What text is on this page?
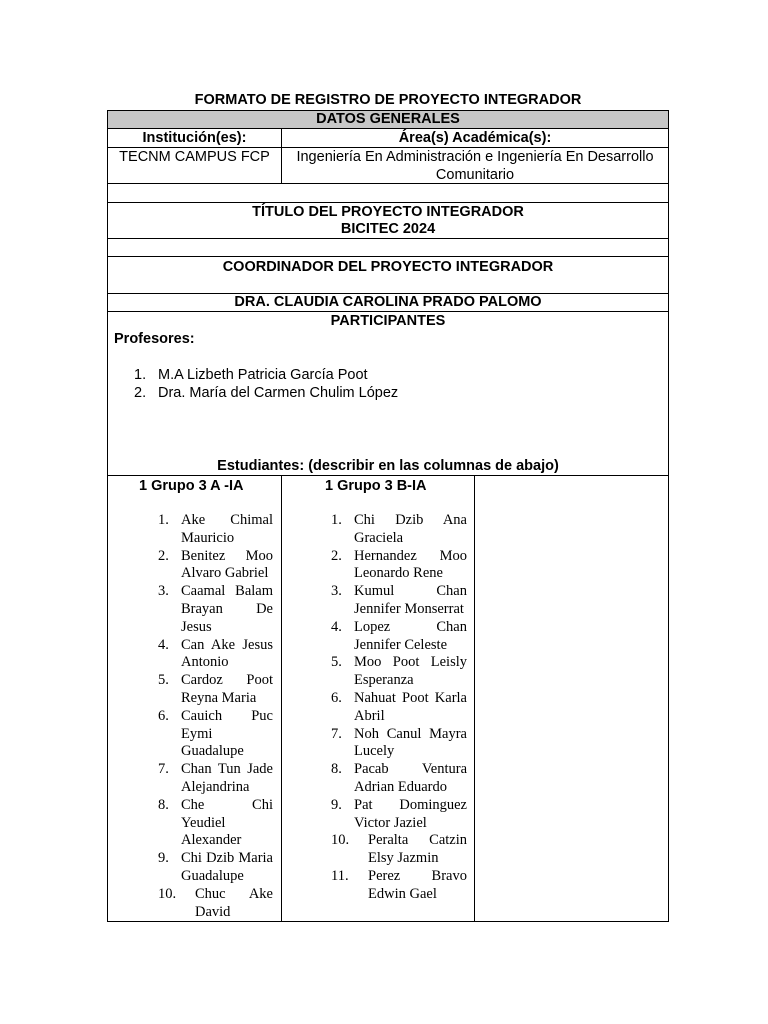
FORMATO DE REGISTRO DE PROYECTO INTEGRADOR
DATOS GENERALES
Institución(es):	Área(s) Académica(s):
TECNM CAMPUS FCP	Ingeniería En Administración e Ingeniería En Desarrollo Comunitario
TÍTULO DEL PROYECTO INTEGRADOR
BICITEC 2024
COORDINADOR DEL PROYECTO INTEGRADOR
DRA. CLAUDIA CAROLINA PRADO PALOMO
PARTICIPANTES
Profesores:
1. M.A Lizbeth Patricia García Poot
2. Dra. María del Carmen Chulim López
Estudiantes: (describir en las columnas de abajo)
1 Grupo 3 A -IA	1 Grupo 3 B-IA
1. Ake Chimal Mauricio
2. Benitez Moo Alvaro Gabriel
3. Caamal Balam Brayan De Jesus
4. Can Ake Jesus Antonio
5. Cardoz Poot Reyna Maria
6. Cauich Puc Eymi Guadalupe
7. Chan Tun Jade Alejandrina
8. Che Chi Yeudiel Alexander
9. Chi Dzib Maria Guadalupe
10.	Chuc Ake David
1. Chi Dzib Ana Graciela
2. Hernandez Moo Leonardo Rene
3. Kumul Chan Jennifer Monserrat
4. Lopez Chan Jennifer Celeste
5. Moo Poot Leisly Esperanza
6. Nahuat Poot Karla Abril
7. Noh Canul Mayra Lucely
8. Pacab Ventura Adrian Eduardo
9. Pat Dominguez Victor Jaziel
10.	Peralta Catzin Elsy Jazmin
11.	Perez Bravo Edwin Gael
